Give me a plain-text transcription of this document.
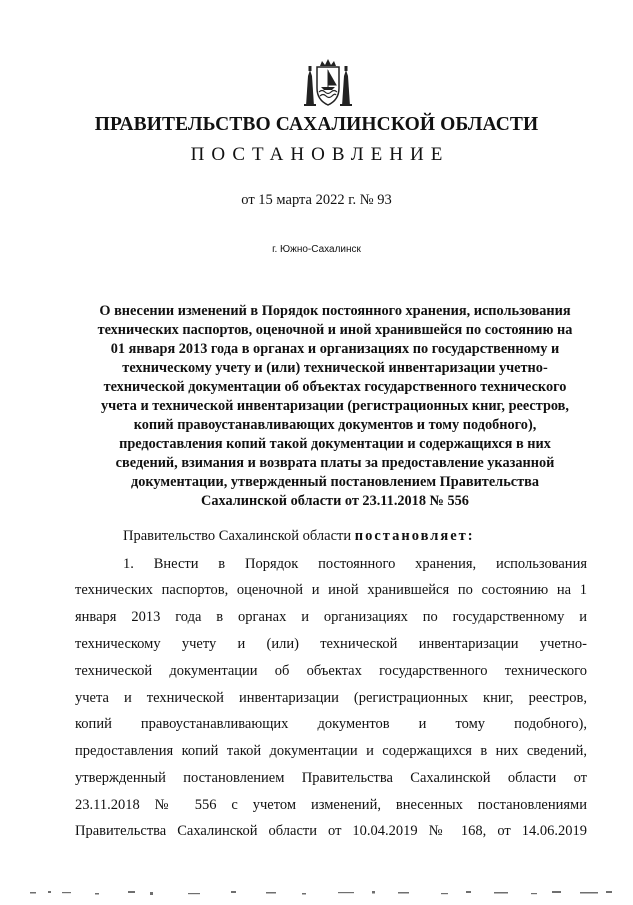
ПРАВИТЕЛЬСТВО САХАЛИНСКОЙ ОБЛАСТИ
ПОСТАНОВЛЕНИЕ
от 15 марта 2022 г. № 93
г. Южно-Сахалинск
О внесении изменений в Порядок постоянного хранения, использования
технических паспортов, оценочной и иной хранившейся по состоянию на
01 января 2013 года в органах и организациях по государственному и
техническому учету и (или) технической инвентаризации учетно-
технической документации об объектах государственного технического
учета и технической инвентаризации (регистрационных книг, реестров,
копий правоустанавливающих документов и тому подобного),
предоставления копий такой документации и содержащихся в них
сведений, взимания и возврата платы за предоставление указанной
документации, утвержденный постановлением Правительства
Сахалинской области от 23.11.2018 № 556
Правительство Сахалинской области постановляет:
1. Внести в Порядок постоянного хранения, использования
технических паспортов, оценочной и иной хранившейся по состоянию на 1
января 2013 года в органах и организациях по государственному и
техническому учету и (или) технической инвентаризации учетно-
технической документации об объектах государственного технического
учета и технической инвентаризации (регистрационных книг, реестров,
копий правоустанавливающих документов и тому подобного),
предоставления копий такой документации и содержащихся в них сведений,
утвержденный постановлением Правительства Сахалинской области от
23.11.2018 № 556 с учетом изменений, внесенных постановлениями
Правительства Сахалинской области от 10.04.2019 № 168, от 14.06.2019
